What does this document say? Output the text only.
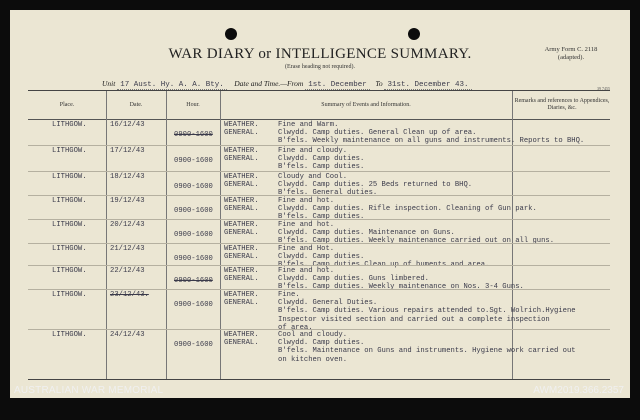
WAR DIARY or INTELLIGENCE SUMMARY.
(Erase heading not required).
Army Form C. 2118
(adapted).
39 7455
Unit 17 Aust. Hy. A. A. Bty. Date and Time.—From 1st. December To 31st. December 43.
Place.	Date.	Hour.	Summary of Events and Information.
Remarks and references to Appendices, Diaries, &c.
LITHGOW.	16/12/43
0900-1600
WEATHER.
GENERAL.
Fine and Warm.
Clwydd. Camp duties. General Clean up of area.
B'fels. Weekly maintenance on all guns and instruments. Reports to BHQ.
LITHGOW.	17/12/43
0900-1600
WEATHER.
GENERAL.
Fine and cloudy.
Clwydd. Camp duties.
B'fels. Camp duties.
LITHGOW.	18/12/43
0900-1600
WEATHER.
GENERAL.
Cloudy and Cool.
Clwydd. Camp duties. 25 Beds returned to BHQ.
B'fels. General duties.
LITHGOW.	19/12/43
0900-1600
WEATHER.
GENERAL.
Fine and hot.
Clwydd. Camp duties. Rifle inspection. Cleaning of Gun park.
B'fels. Camp duties.
LITHGOW.	20/12/43
0900-1600
WEATHER.
GENERAL.
Fine and hot.
Clwydd. Camp duties. Maintenance on Guns.
B'fels. Camp duties. Weekly maintenance carried out on all guns.
LITHGOW.	21/12/43
0900-1600
WEATHER.
GENERAL.
Fine and Hot.
Clwydd. Camp duties.
B'fels. Camp duties.Clean up of huments and area.
LITHGOW.	22/12/43
0900-1600
WEATHER.
GENERAL.
Fine and hot.
Clwydd. Camp duties. Guns limbered.
B'fels. Camp duties. Weekly maintenance on Nos. 3-4 Guns.
LITHGOW.	23/12/43.
0900-1600
WEATHER.
GENERAL.
Fine.
Clwydd. General Duties.
B'fels. Camp duties. Various repairs attended to.Sgt. Wolrich.Hygiene
Inspector visited section and carried out a complete inspection
of area.
LITHGOW.	24/12/43
0900-1600
WEATHER.
GENERAL.
Cool and cloudy.
Clwydd. Camp duties.
B'fels. Maintenance on Guns and instruments. Hygiene work carried out
on kitchen oven.
AUSTRALIAN WAR MEMORIAL	AWM2019.366.2357
